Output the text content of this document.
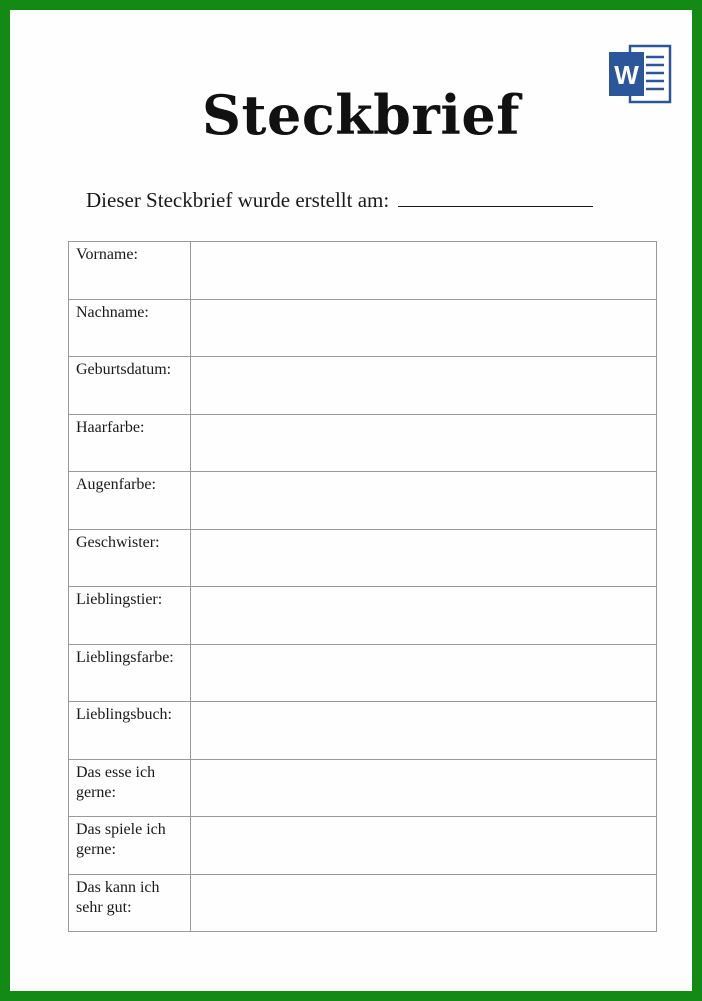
W
Steckbrief
Dieser Steckbrief wurde erstellt am:
Vorname:	
Nachname:	
Geburtsdatum:	
Haarfarbe:	
Augenfarbe:	
Geschwister:	
Lieblingstier:	
Lieblingsfarbe:	
Lieblingsbuch:	
Das esse ich gerne:	
Das spiele ich gerne:	
Das kann ich sehr gut:	
